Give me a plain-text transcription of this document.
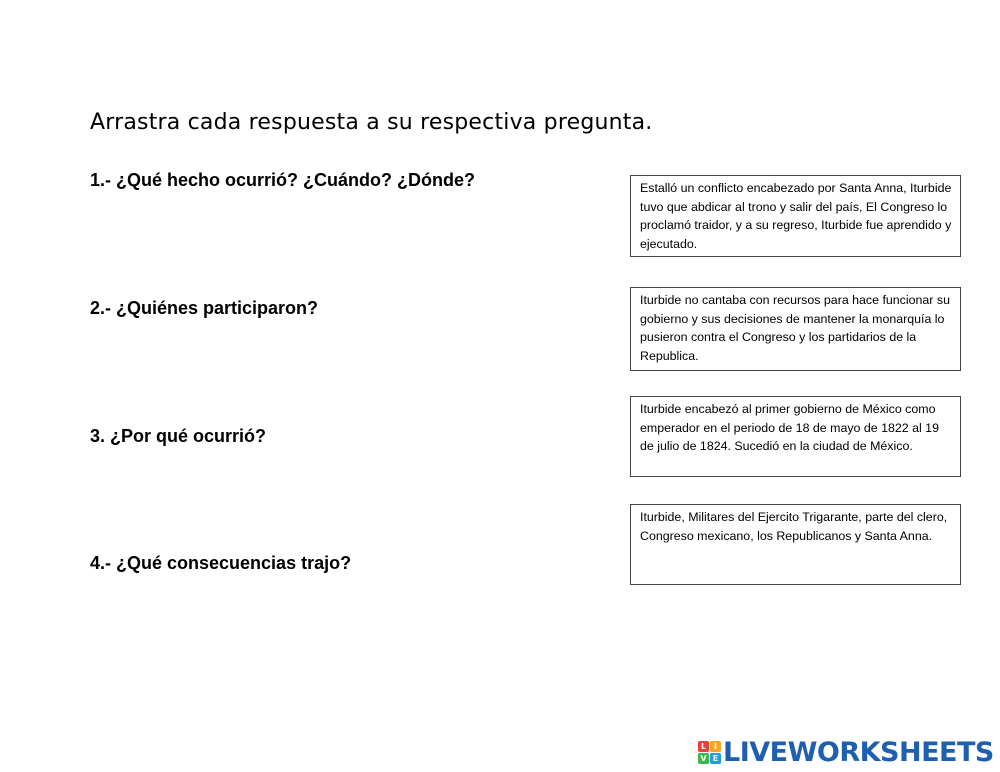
Arrastra cada respuesta a su respectiva pregunta.
1.- ¿Qué hecho ocurrió? ¿Cuándo? ¿Dónde?
2.- ¿Quiénes participaron?
3. ¿Por qué ocurrió?
4.- ¿Qué consecuencias trajo?
Estalló un conflicto encabezado por Santa Anna, Iturbide tuvo que abdicar al trono y salir del país, El Congreso lo proclamó traidor, y a su regreso, Iturbide fue aprendido y ejecutado.
Iturbide no cantaba con recursos para hace funcionar su gobierno y sus decisiones de mantener la monarquía lo pusieron contra el Congreso y los partidarios de la Republica.
Iturbide encabezó al primer gobierno de México como emperador en el periodo de 18 de mayo de 1822 al 19 de julio de 1824. Sucedió en la ciudad de México.
Iturbide, Militares del Ejercito Trigarante, parte del clero, Congreso mexicano, los Republicanos y Santa Anna.
L I
V E LIVEWORKSHEETS
